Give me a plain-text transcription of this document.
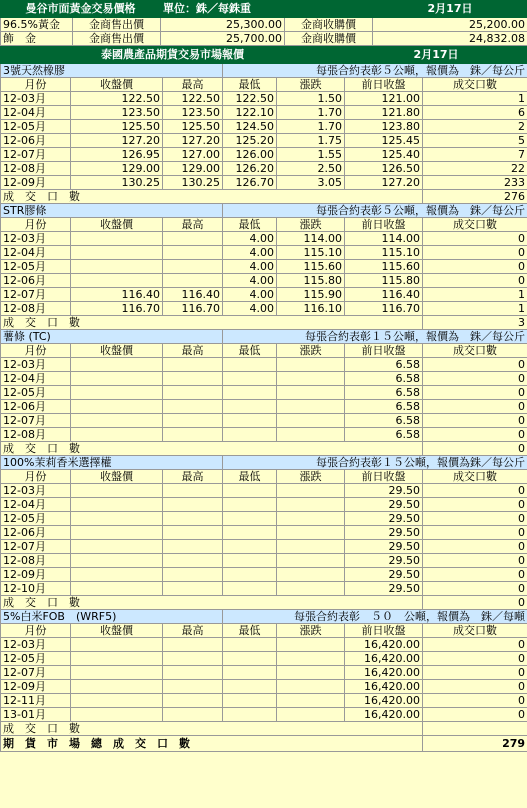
曼谷市面黃金交易價格		單位：銖／每銖重		2月17日
96.5%黃金	金商售出價	25,300.00	金商收購價	25,200.00
飾　金	金商售出價	25,700.00	金商收購價	24,832.08
泰國農產品期貨交易市場報價					2月17日	
3號天然橡膠			每張合約表彰５公噸，報價為　銖／每公斤			
月份	收盤價	最高	最低	漲跌	前日收盤	成交口數
12-03月	122.50	122.50	122.50	1.50	121.00	1
12-04月	123.50	123.50	122.10	1.70	121.80	6
12-05月	125.50	125.50	124.50	1.70	123.80	2
12-06月	127.20	127.20	125.20	1.75	125.45	5
12-07月	126.95	127.00	126.00	1.55	125.40	7
12-08月	129.00	129.00	126.20	2.50	126.50	22
12-09月	130.25	130.25	126.70	3.05	127.20	233
成　交　口　數						276
STR膠條			每張合約表彰５公噸，報價為　銖／每公斤			
月份	收盤價	最高	最低	漲跌	前日收盤	成交口數
12-03月			4.00	114.00	114.00	0
12-04月			4.00	115.10	115.10	0
12-05月			4.00	115.60	115.60	0
12-06月			4.00	115.80	115.80	0
12-07月	116.40	116.40	4.00	115.90	116.40	1
12-08月	116.70	116.70	4.00	116.10	116.70	1
成　交　口　數						3
薯條 (TC)			每張合約表彰１５公噸，報價為　銖／每公斤			
月份	收盤價	最高	最低	漲跌	前日收盤	成交口數
12-03月					6.58	0
12-04月					6.58	0
12-05月					6.58	0
12-06月					6.58	0
12-07月					6.58	0
12-08月					6.58	0
成　交　口　數						0
100%茉莉香米選擇權			每張合約表彰１５公噸，報價為銖／每公斤			
月份	收盤價	最高	最低	漲跌	前日收盤	成交口數
12-03月					29.50	0
12-04月					29.50	0
12-05月					29.50	0
12-06月					29.50	0
12-07月					29.50	0
12-08月					29.50	0
12-09月					29.50	0
12-10月					29.50	0
成　交　口　數						0
5%白米FOB　(WRF5)			每張合約表彰　５０　公噸，報價為　銖／每噸			
月份	收盤價	最高	最低	漲跌	前日收盤	成交口數
12-03月					16,420.00	0
12-05月					16,420.00	0
12-07月					16,420.00	0
12-09月					16,420.00	0
12-11月					16,420.00	0
13-01月					16,420.00	0
成　交　口　數						
期　貨　市　場　總　成　交　口　數						279
